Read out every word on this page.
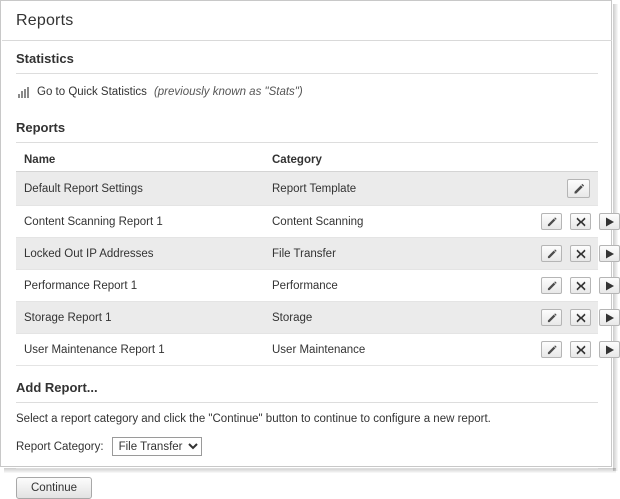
Reports
Statistics
Go to Quick Statistics (previously known as "Stats")
Reports
Name	Category	
Default Report Settings	Report Template	

Content Scanning Report 1	Content Scanning	

Locked Out IP Addresses	File Transfer	

Performance Report 1	Performance	

Storage Report 1	Storage	

User Maintenance Report 1	User Maintenance	

Add Report...
Select a report category and click the "Continue" button to continue to configure a new report.
Report Category:
File Transfer
Continue
